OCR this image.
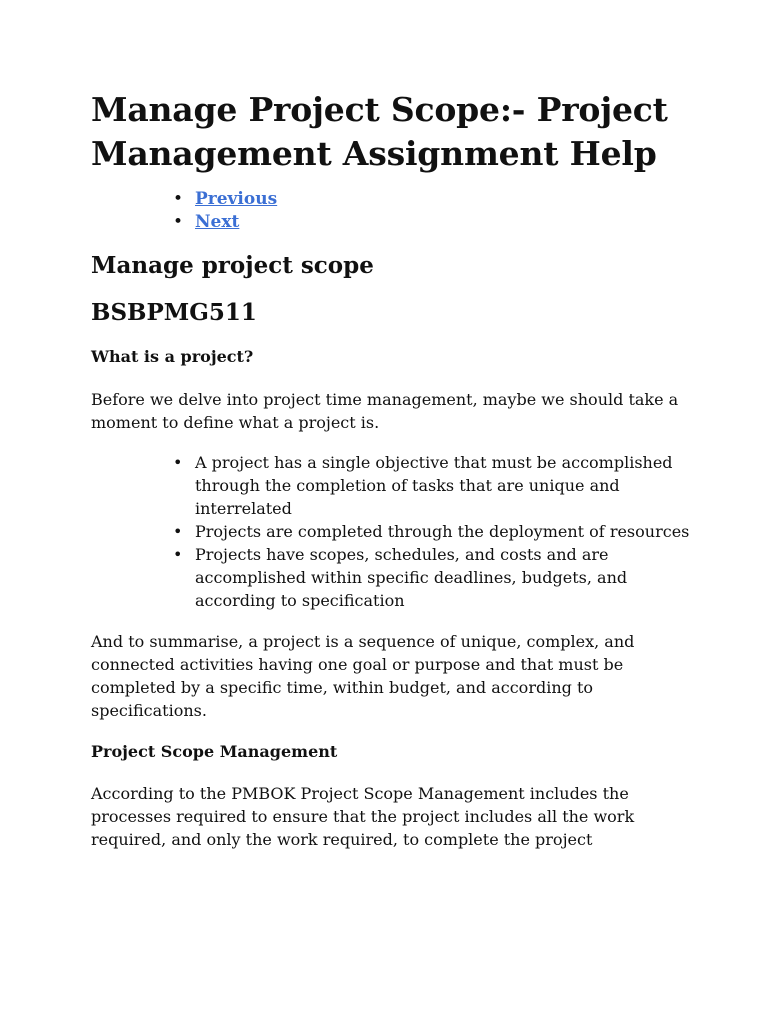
Manage Project Scope:- Project Management Assignment Help
• Previous
• Next
Manage project scope
BSBPMG511
What is a project?

Before we delve into project time management, maybe we should take a moment to define what a project is.

• A project has a single objective that must be accomplished through the completion of tasks that are unique and interrelated
• Projects are completed through the deployment of resources
• Projects have scopes, schedules, and costs and are accomplished within specific deadlines, budgets, and according to specification

And to summarise, a project is a sequence of unique, complex, and connected activities having one goal or purpose and that must be completed by a specific time, within budget, and according to specifications.

Project Scope Management

According to the PMBOK Project Scope Management includes the processes required to ensure that the project includes all the work required, and only the work required, to complete the project
